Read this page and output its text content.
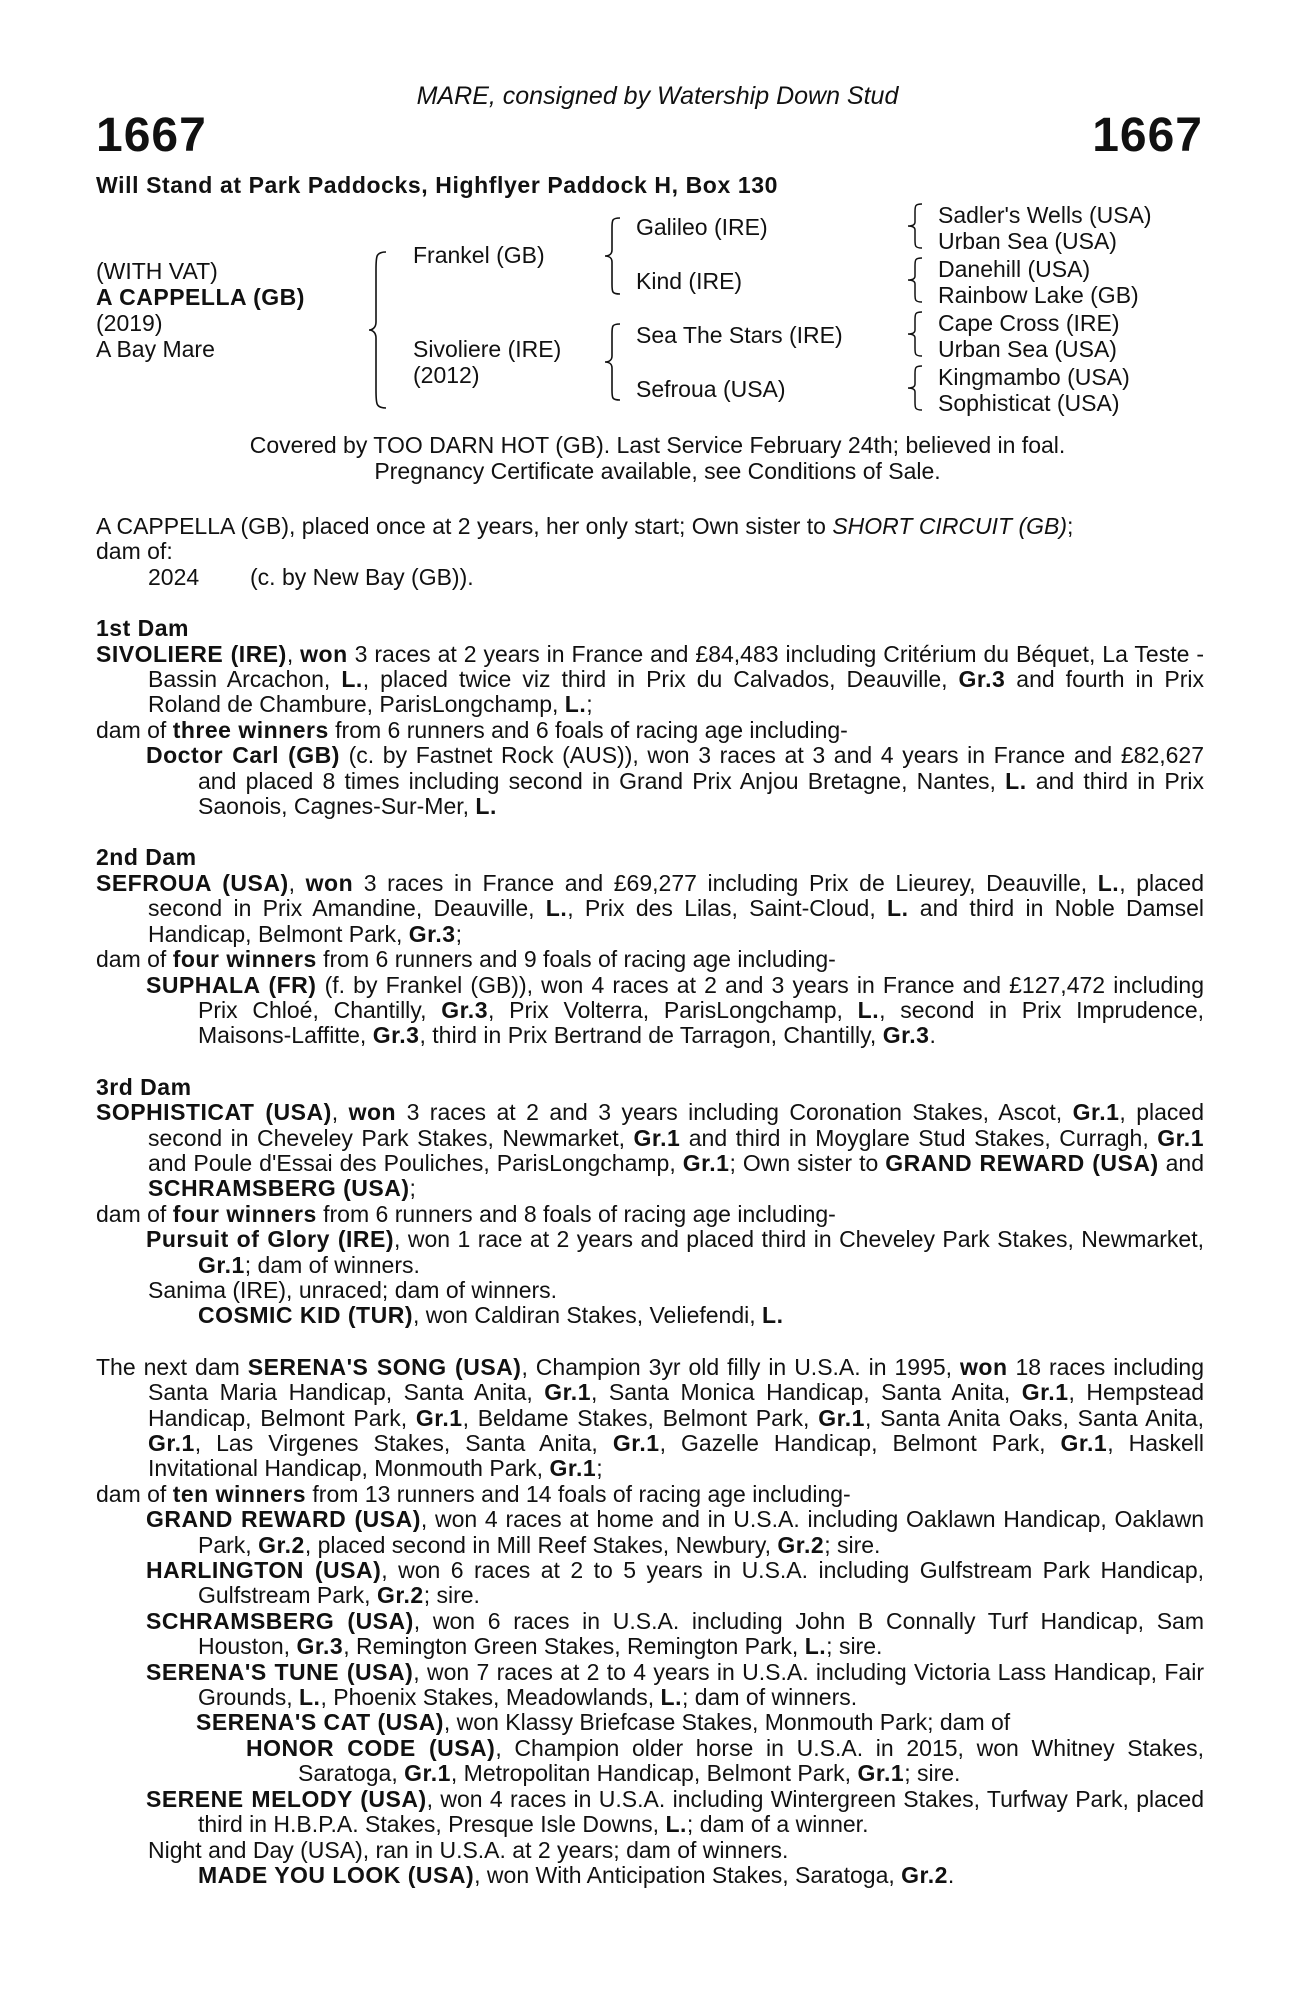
MARE, consigned by Watership Down Stud
1667	1667
Will Stand at Park Paddocks, Highflyer Paddock H, Box 130
(WITH VAT)
A CAPPELLA (GB)
(2019)
A Bay Mare
Frankel (GB)
Sivoliere (IRE)
(2012)
Galileo (IRE)
Kind (IRE)
Sea The Stars (IRE)
Sefroua (USA)
Sadler's Wells (USA)
Urban Sea (USA)
Danehill (USA)
Rainbow Lake (GB)
Cape Cross (IRE)
Urban Sea (USA)
Kingmambo (USA)
Sophisticat (USA)
Covered by TOO DARN HOT (GB). Last Service February 24th; believed in foal.
Pregnancy Certificate available, see Conditions of Sale.

A CAPPELLA (GB), placed once at 2 years, her only start; Own sister to SHORT CIRCUIT (GB);

dam of:

2024 (c. by New Bay (GB)).

1st Dam

SIVOLIERE (IRE), won 3 races at 2 years in France and £84,483 including Critérium du Béquet, La Teste - Bassin Arcachon, L., placed twice viz third in Prix du Calvados, Deauville, Gr.3 and fourth in Prix Roland de Chambure, ParisLongchamp, L.;

dam of three winners from 6 runners and 6 foals of racing age including-

Doctor Carl (GB) (c. by Fastnet Rock (AUS)), won 3 races at 3 and 4 years in France and £82,627 and placed 8 times including second in Grand Prix Anjou Bretagne, Nantes, L. and third in Prix Saonois, Cagnes-Sur-Mer, L.

2nd Dam

SEFROUA (USA), won 3 races in France and £69,277 including Prix de Lieurey, Deauville, L., placed second in Prix Amandine, Deauville, L., Prix des Lilas, Saint-Cloud, L. and third in Noble Damsel Handicap, Belmont Park, Gr.3;

dam of four winners from 6 runners and 9 foals of racing age including-

SUPHALA (FR) (f. by Frankel (GB)), won 4 races at 2 and 3 years in France and £127,472 including Prix Chloé, Chantilly, Gr.3, Prix Volterra, ParisLongchamp, L., second in Prix Imprudence, Maisons-Laffitte, Gr.3, third in Prix Bertrand de Tarragon, Chantilly, Gr.3.

3rd Dam

SOPHISTICAT (USA), won 3 races at 2 and 3 years including Coronation Stakes, Ascot, Gr.1, placed second in Cheveley Park Stakes, Newmarket, Gr.1 and third in Moyglare Stud Stakes, Curragh, Gr.1 and Poule d'Essai des Pouliches, ParisLongchamp, Gr.1; Own sister to GRAND REWARD (USA) and SCHRAMSBERG (USA);

dam of four winners from 6 runners and 8 foals of racing age including-

Pursuit of Glory (IRE), won 1 race at 2 years and placed third in Cheveley Park Stakes, Newmarket, Gr.1; dam of winners.

Sanima (IRE), unraced; dam of winners.

COSMIC KID (TUR), won Caldiran Stakes, Veliefendi, L.

The next dam SERENA'S SONG (USA), Champion 3yr old filly in U.S.A. in 1995, won 18 races including Santa Maria Handicap, Santa Anita, Gr.1, Santa Monica Handicap, Santa Anita, Gr.1, Hempstead Handicap, Belmont Park, Gr.1, Beldame Stakes, Belmont Park, Gr.1, Santa Anita Oaks, Santa Anita, Gr.1, Las Virgenes Stakes, Santa Anita, Gr.1, Gazelle Handicap, Belmont Park, Gr.1, Haskell Invitational Handicap, Monmouth Park, Gr.1;

dam of ten winners from 13 runners and 14 foals of racing age including-

GRAND REWARD (USA), won 4 races at home and in U.S.A. including Oaklawn Handicap, Oaklawn Park, Gr.2, placed second in Mill Reef Stakes, Newbury, Gr.2; sire.

HARLINGTON (USA), won 6 races at 2 to 5 years in U.S.A. including Gulfstream Park Handicap, Gulfstream Park, Gr.2; sire.

SCHRAMSBERG (USA), won 6 races in U.S.A. including John B Connally Turf Handicap, Sam Houston, Gr.3, Remington Green Stakes, Remington Park, L.; sire.

SERENA'S TUNE (USA), won 7 races at 2 to 4 years in U.S.A. including Victoria Lass Handicap, Fair Grounds, L., Phoenix Stakes, Meadowlands, L.; dam of winners.

SERENA'S CAT (USA), won Klassy Briefcase Stakes, Monmouth Park; dam of

HONOR CODE (USA), Champion older horse in U.S.A. in 2015, won Whitney Stakes, Saratoga, Gr.1, Metropolitan Handicap, Belmont Park, Gr.1; sire.

SERENE MELODY (USA), won 4 races in U.S.A. including Wintergreen Stakes, Turfway Park, placed third in H.B.P.A. Stakes, Presque Isle Downs, L.; dam of a winner.

Night and Day (USA), ran in U.S.A. at 2 years; dam of winners.

MADE YOU LOOK (USA), won With Anticipation Stakes, Saratoga, Gr.2.
